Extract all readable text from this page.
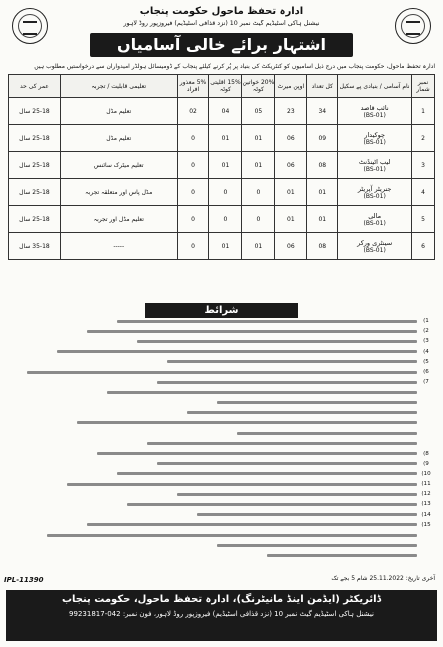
ادارہ تحفظ ماحول حکومت پنجاب
نیشنل ہاکی اسٹیڈیم گیٹ نمبر 10 (نزد قذافی اسٹیڈیم) فیروزپور روڈ لاہور
اشتہار برائے خالی آسامیاں
ادارہ تحفظ ماحول، حکومت پنجاب میں درج ذیل آسامیوں کو کنٹریکٹ کی بنیاد پر پُر کرنے کیلئے پنجاب کے ڈومیسائل ہولڈر امیدواران سے درخواستیں مطلوب ہیں
نمبر شمار	نام آسامی / بنیادی پے سکیل	کل تعداد	اوپن میرٹ	20% خواتین کوٹہ	15% اقلیتی کوٹہ	5% معذور افراد	تعلیمی قابلیت / تجربہ	عمر کی حد
1	نائب قاصد
(BS-01)	34	23	05	04	02	تعلیم مڈل	25-18 سال
2	چوکیدار
(BS-01)	09	06	01	01	0	تعلیم مڈل	25-18 سال
3	لیب اٹینڈنٹ
(BS-01)	08	06	01	01	0	تعلیم میٹرک سائنس	25-18 سال
4	جنریٹر آپریٹر
(BS-01)	01	01	0	0	0	مڈل پاس اور متعلقہ تجربہ	25-18 سال
5	مالی
(BS-01)	01	01	0	0	0	تعلیم مڈل اور تجربہ	25-18 سال
6	سینٹری ورکر
(BS-01)	08	06	01	01	0	-----	35-18 سال
شرائط
(1
(2
(3
(4
(5
(6
(7
(8
(9
(10
(11
(12
(13
(14
(15
IPL-11390	آخری تاریخ: 25.11.2022 شام 5 بجے تک
ڈائریکٹر (ایڈمن اینڈ مانیٹرنگ)، ادارہ تحفظ ماحول، حکومت پنجاب
نیشنل ہاکی اسٹیڈیم گیٹ نمبر 10 (نزد قذافی اسٹیڈیم) فیروزپور روڈ لاہور، فون نمبر: 042-99231817
